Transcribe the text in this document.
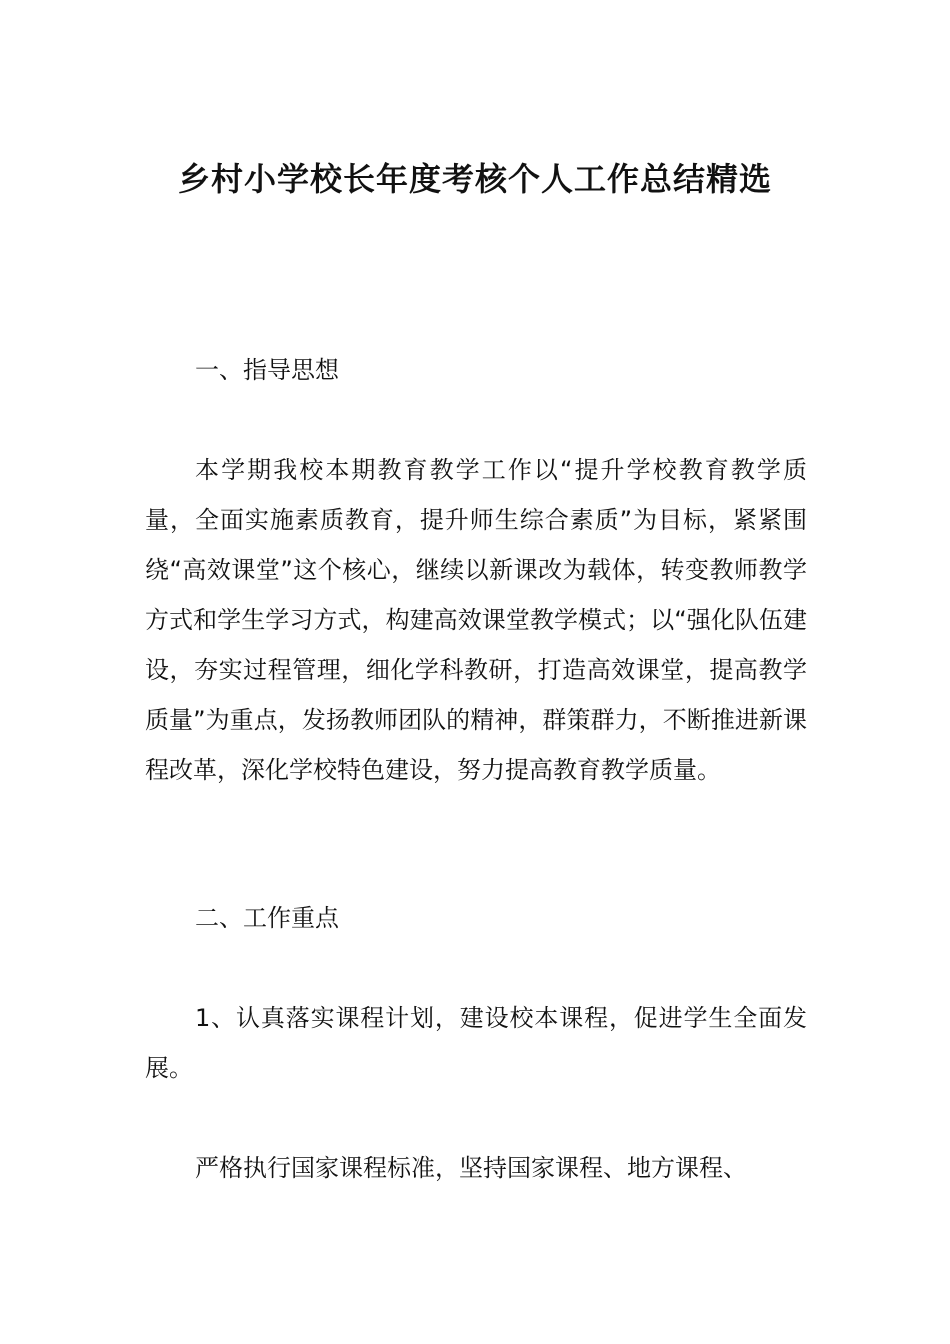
乡村小学校长年度考核个人工作总结精选

一、指导思想

本学期我校本期教育教学工作以“提升学校教育教学质量，全面实施素质教育，提升师生综合素质”为目标，紧紧围绕“高效课堂”这个核心，继续以新课改为载体，转变教师教学方式和学生学习方式，构建高效课堂教学模式；以“强化队伍建设，夯实过程管理，细化学科教研，打造高效课堂，提高教学质量”为重点，发扬教师团队的精神，群策群力，不断推进新课程改革，深化学校特色建设，努力提高教育教学质量。

二、工作重点

1、认真落实课程计划，建设校本课程，促进学生全面发展。

严格执行国家课程标准，坚持国家课程、地方课程、
